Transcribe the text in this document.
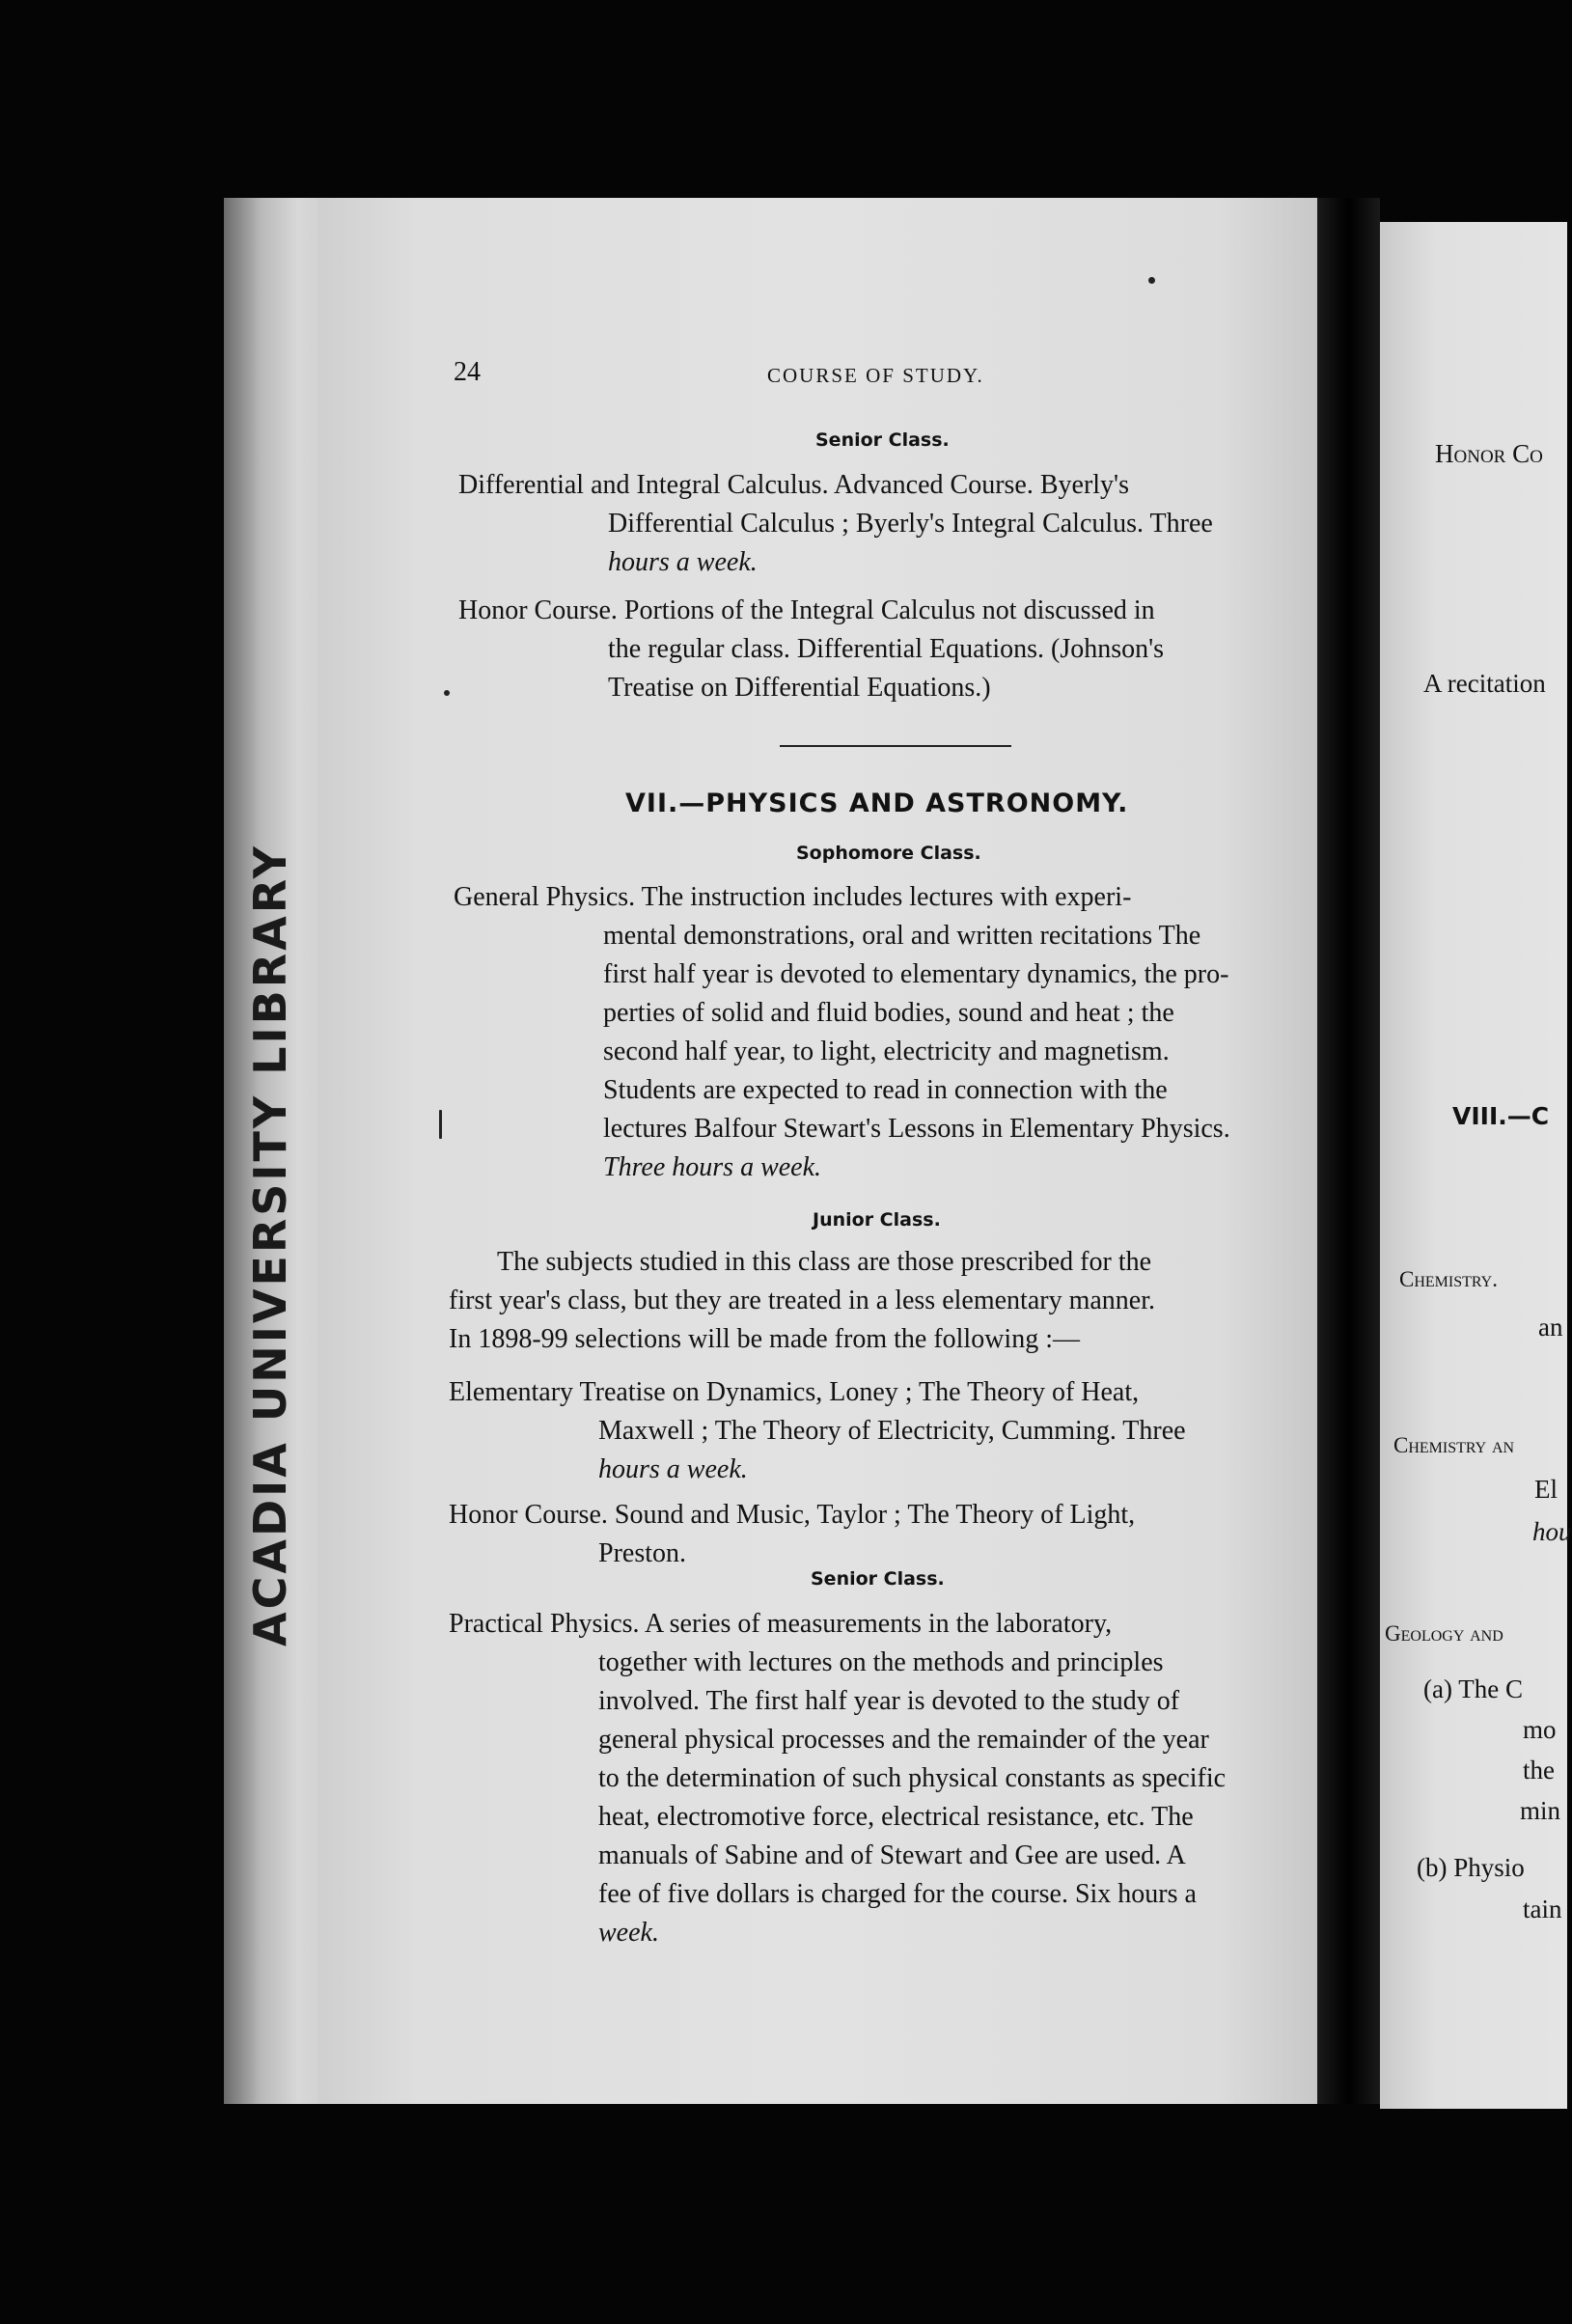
ACADIA UNIVERSITY LIBRARY
24	COURSE OF STUDY.
Senior Class.
Differential and Integral Calculus. Advanced Course. Byerly's
Differential Calculus ; Byerly's Integral Calculus. Three
hours a week.
Honor Course. Portions of the Integral Calculus not discussed in
the regular class. Differential Equations. (Johnson's
Treatise on Differential Equations.)
VII.—PHYSICS AND ASTRONOMY.
Sophomore Class.
General Physics. The instruction includes lectures with experi-
mental demonstrations, oral and written recitations The
first half year is devoted to elementary dynamics, the pro-
perties of solid and fluid bodies, sound and heat ; the
second half year, to light, electricity and magnetism.
Students are expected to read in connection with the
lectures Balfour Stewart's Lessons in Elementary Physics.
Three hours a week.
Junior Class.
The subjects studied in this class are those prescribed for the
first year's class, but they are treated in a less elementary manner.
In 1898-99 selections will be made from the following :—
Elementary Treatise on Dynamics, Loney ; The Theory of Heat,
Maxwell ; The Theory of Electricity, Cumming. Three
hours a week.
Honor Course. Sound and Music, Taylor ; The Theory of Light,
Preston.
Senior Class.
Practical Physics. A series of measurements in the laboratory,
together with lectures on the methods and principles
involved. The first half year is devoted to the study of
general physical processes and the remainder of the year
to the determination of such physical constants as specific
heat, electromotive force, electrical resistance, etc. The
manuals of Sabine and of Stewart and Gee are used. A
fee of five dollars is charged for the course. Six hours a
week.
Honor Co
A recitation
VIII.—C
Chemistry.
an
Chemistry an
El
hou
Geology and
(a) The C
mo
the
min
(b) Physio
tain
